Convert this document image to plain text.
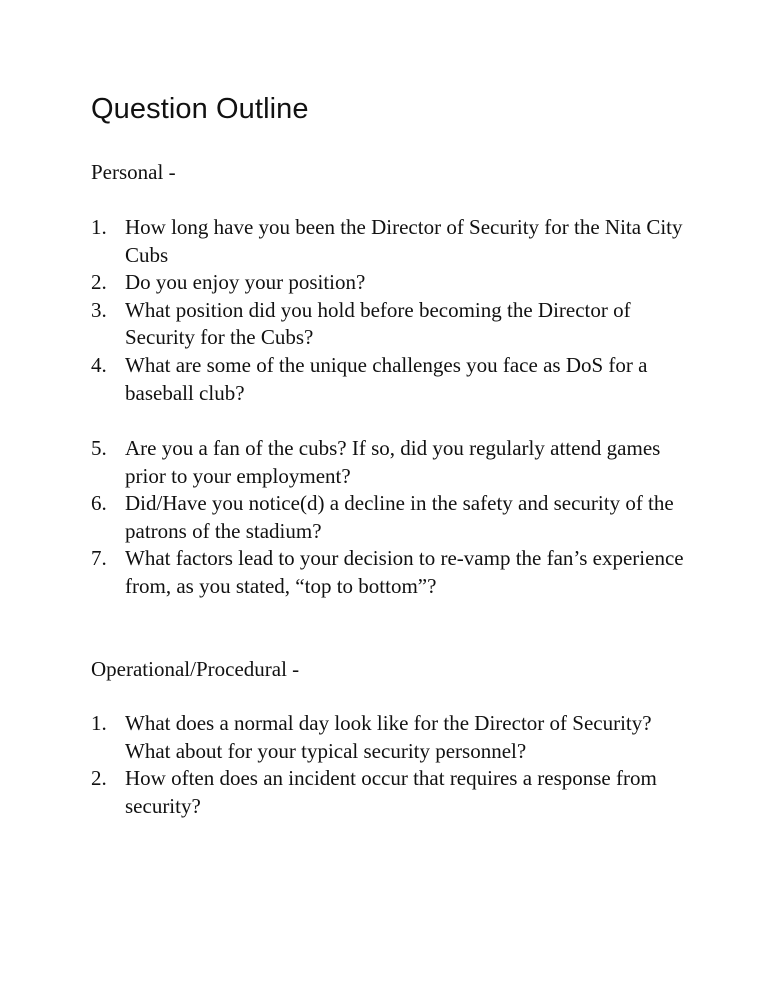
Question Outline

Personal -

1. How long have you been the Director of Security for the Nita City Cubs
2. Do you enjoy your position?
3. What position did you hold before becoming the Director of Security for the Cubs?
4. What are some of the unique challenges you face as DoS for a baseball club?
5. Are you a fan of the cubs? If so, did you regularly attend games prior to your employment?
6. Did/Have you notice(d) a decline in the safety and security of the patrons of the stadium?
7. What factors lead to your decision to re-vamp the fan’s experience from, as you stated, “top to bottom”?

Operational/Procedural -

1. What does a normal day look like for the Director of Security? What about for your typical security personnel?
2. How often does an incident occur that requires a response from security?
